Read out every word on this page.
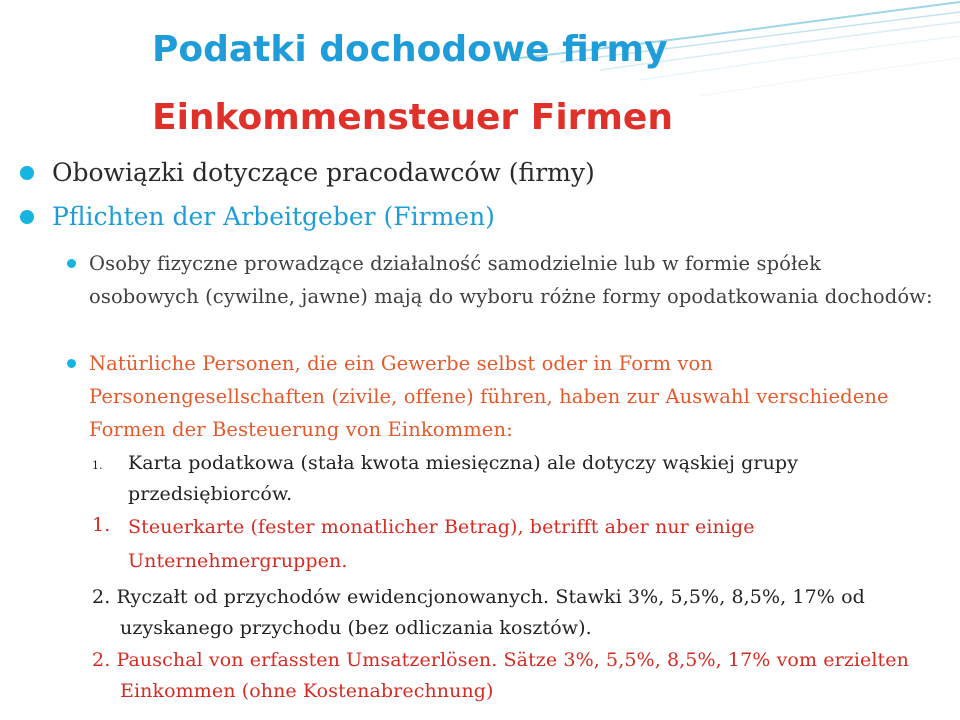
Podatki dochodowe firmy
Einkommensteuer Firmen
Obowiązki dotyczące pracodawców (firmy)
Pflichten der Arbeitgeber (Firmen)
Osoby fizyczne prowadzące działalność samodzielnie lub w formie spółek osobowych (cywilne, jawne) mają do wyboru różne formy opodatkowania dochodów:
Natürliche Personen, die ein Gewerbe selbst oder in Form von Personengesellschaften (zivile, offene) führen, haben zur Auswahl verschiedene Formen der Besteuerung von Einkommen:
1. Karta podatkowa (stała kwota miesięczna) ale dotyczy wąskiej grupy przedsiębiorców.
1. Steuerkarte (fester monatlicher Betrag), betrifft aber nur einige Unternehmergruppen.
2. Ryczałt od przychodów ewidencjonowanych. Stawki 3%, 5,5%, 8,5%, 17% od uzyskanego przychodu (bez odliczania kosztów).
2. Pauschal von erfassten Umsatzerlösen. Sätze 3%, 5,5%, 8,5%, 17% vom erzielten Einkommen (ohne Kostenabrechnung)
